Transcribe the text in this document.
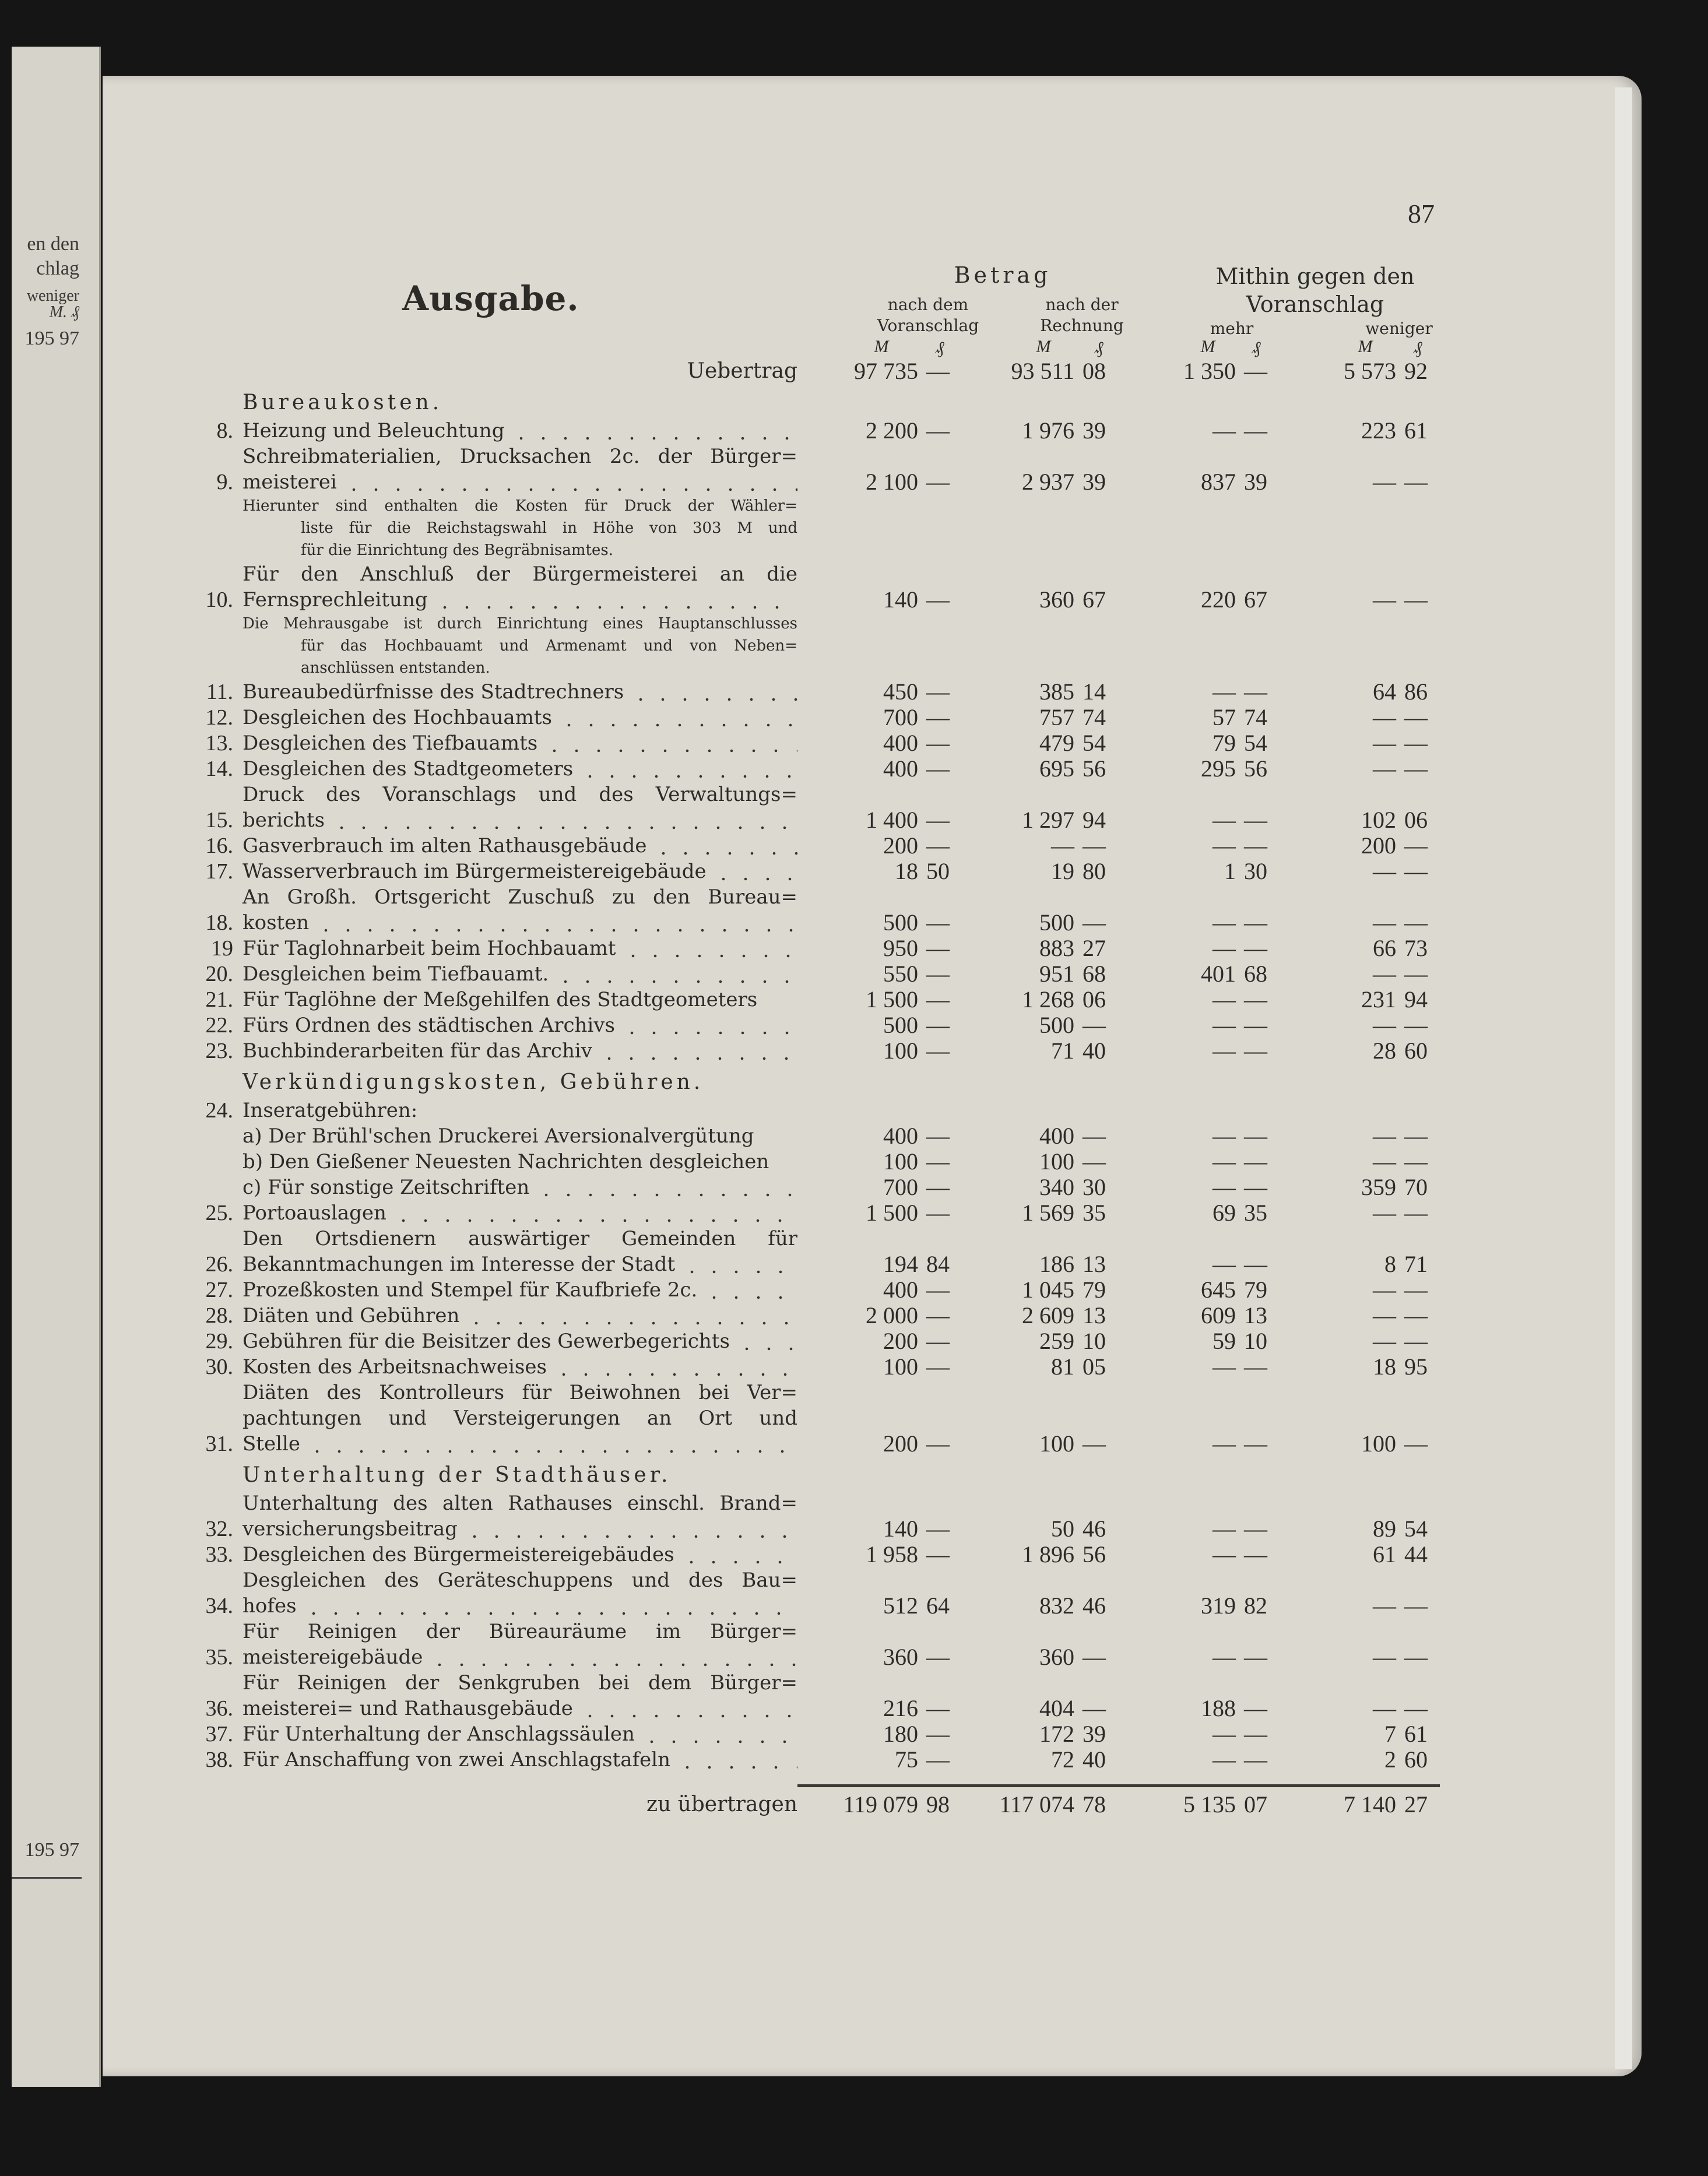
en den
chlag
weniger
M. ₰
195 97
195 97
87
Ausgabe.
Betrag
nach dem
Voranschlag
nach der
Rechnung
Mithin gegen den
Voranschlag
mehr	weniger
M	₰	M	₰	M ₰	M ₰
Uebertrag	97 735 —	93 511 08	1 350 —	5 573 92
Bureaukosten.
8. Heizung und Beleuchtung	2 200 —	1 976 39	— —	223 61
9.
Schreibmaterialien, Drucksachen 2c. der Bürger=
meisterei	2 100 —	2 937 39	837 39	— —
Hierunter sind enthalten die Kosten für Druck der Wähler=
liste für die Reichstagswahl in Höhe von 303 M und
für die Einrichtung des Begräbnisamtes.
10.
Für den Anschluß der Bürgermeisterei an die
Fernsprechleitung	140 —	360 67	220 67	— —
Die Mehrausgabe ist durch Einrichtung eines Hauptanschlusses
für das Hochbauamt und Armenamt und von Neben=
anschlüssen entstanden.
11. Bureaubedürfnisse des Stadtrechners	450 —	385 14	— —	64 86
12. Desgleichen des Hochbauamts	700 —	757 74	57 74	— —
13. Desgleichen des Tiefbauamts	400 —	479 54	79 54	— —
14. Desgleichen des Stadtgeometers	400 —	695 56	295 56	— —
15.
Druck des Voranschlags und des Verwaltungs=
berichts	1 400 —	1 297 94	— —	102 06
16. Gasverbrauch im alten Rathausgebäude	200 —	— —	— —	200 —
17. Wasserverbrauch im Bürgermeistereigebäude	18 50	19 80	1 30	— —
18.
An Großh. Ortsgericht Zuschuß zu den Bureau=
kosten	500 —	500 —	— —	— —
19 Für Taglohnarbeit beim Hochbauamt	950 —	883 27	— —	66 73
20. Desgleichen beim Tiefbauamt.	550 —	951 68	401 68	— —
21. Für Taglöhne der Meßgehilfen des Stadtgeometers	1 500 —	1 268 06	— —	231 94
22. Fürs Ordnen des städtischen Archivs	500 —	500 —	— —	— —
23. Buchbinderarbeiten für das Archiv	100 —	71 40	— —	28 60
Verkündigungskosten, Gebühren.
24. Inseratgebühren:
a) Der Brühl'schen Druckerei Aversionalvergütung	400 —	400 —	— —	— —
b) Den Gießener Neuesten Nachrichten desgleichen	100 —	100 —	— —	— —
c) Für sonstige Zeitschriften	700 —	340 30	— —	359 70
25. Portoauslagen	1 500 —	1 569 35	69 35	— —
26.
Den Ortsdienern auswärtiger Gemeinden für
Bekanntmachungen im Interesse der Stadt	194 84	186 13	— —	8 71
27. Prozeßkosten und Stempel für Kaufbriefe 2c.	400 —	1 045 79	645 79	— —
28. Diäten und Gebühren	2 000 —	2 609 13	609 13	— —
29. Gebühren für die Beisitzer des Gewerbegerichts	200 —	259 10	59 10	— —
30. Kosten des Arbeitsnachweises	100 —	81 05	— —	18 95
31.
Diäten des Kontrolleurs für Beiwohnen bei Ver=
pachtungen und Versteigerungen an Ort und
Stelle	200 —	100 —	— —	100 —
Unterhaltung der Stadthäuser.
32.
Unterhaltung des alten Rathauses einschl. Brand=
versicherungsbeitrag	140 —	50 46	— —	89 54
33. Desgleichen des Bürgermeistereigebäudes	1 958 —	1 896 56	— —	61 44
34.
Desgleichen des Geräteschuppens und des Bau=
hofes	512 64	832 46	319 82	— —
35.
Für Reinigen der Büreauräume im Bürger=
meistereigebäude	360 —	360 —	— —	— —
36.
Für Reinigen der Senkgruben bei dem Bürger=
meisterei= und Rathausgebäude	216 —	404 —	188 —	— —
37. Für Unterhaltung der Anschlagssäulen	180 —	172 39	— —	7 61
38. Für Anschaffung von zwei Anschlagstafeln	75 —	72 40	— —	2 60
zu übertragen	119 079 98	117 074 78	5 135 07	7 140 27
